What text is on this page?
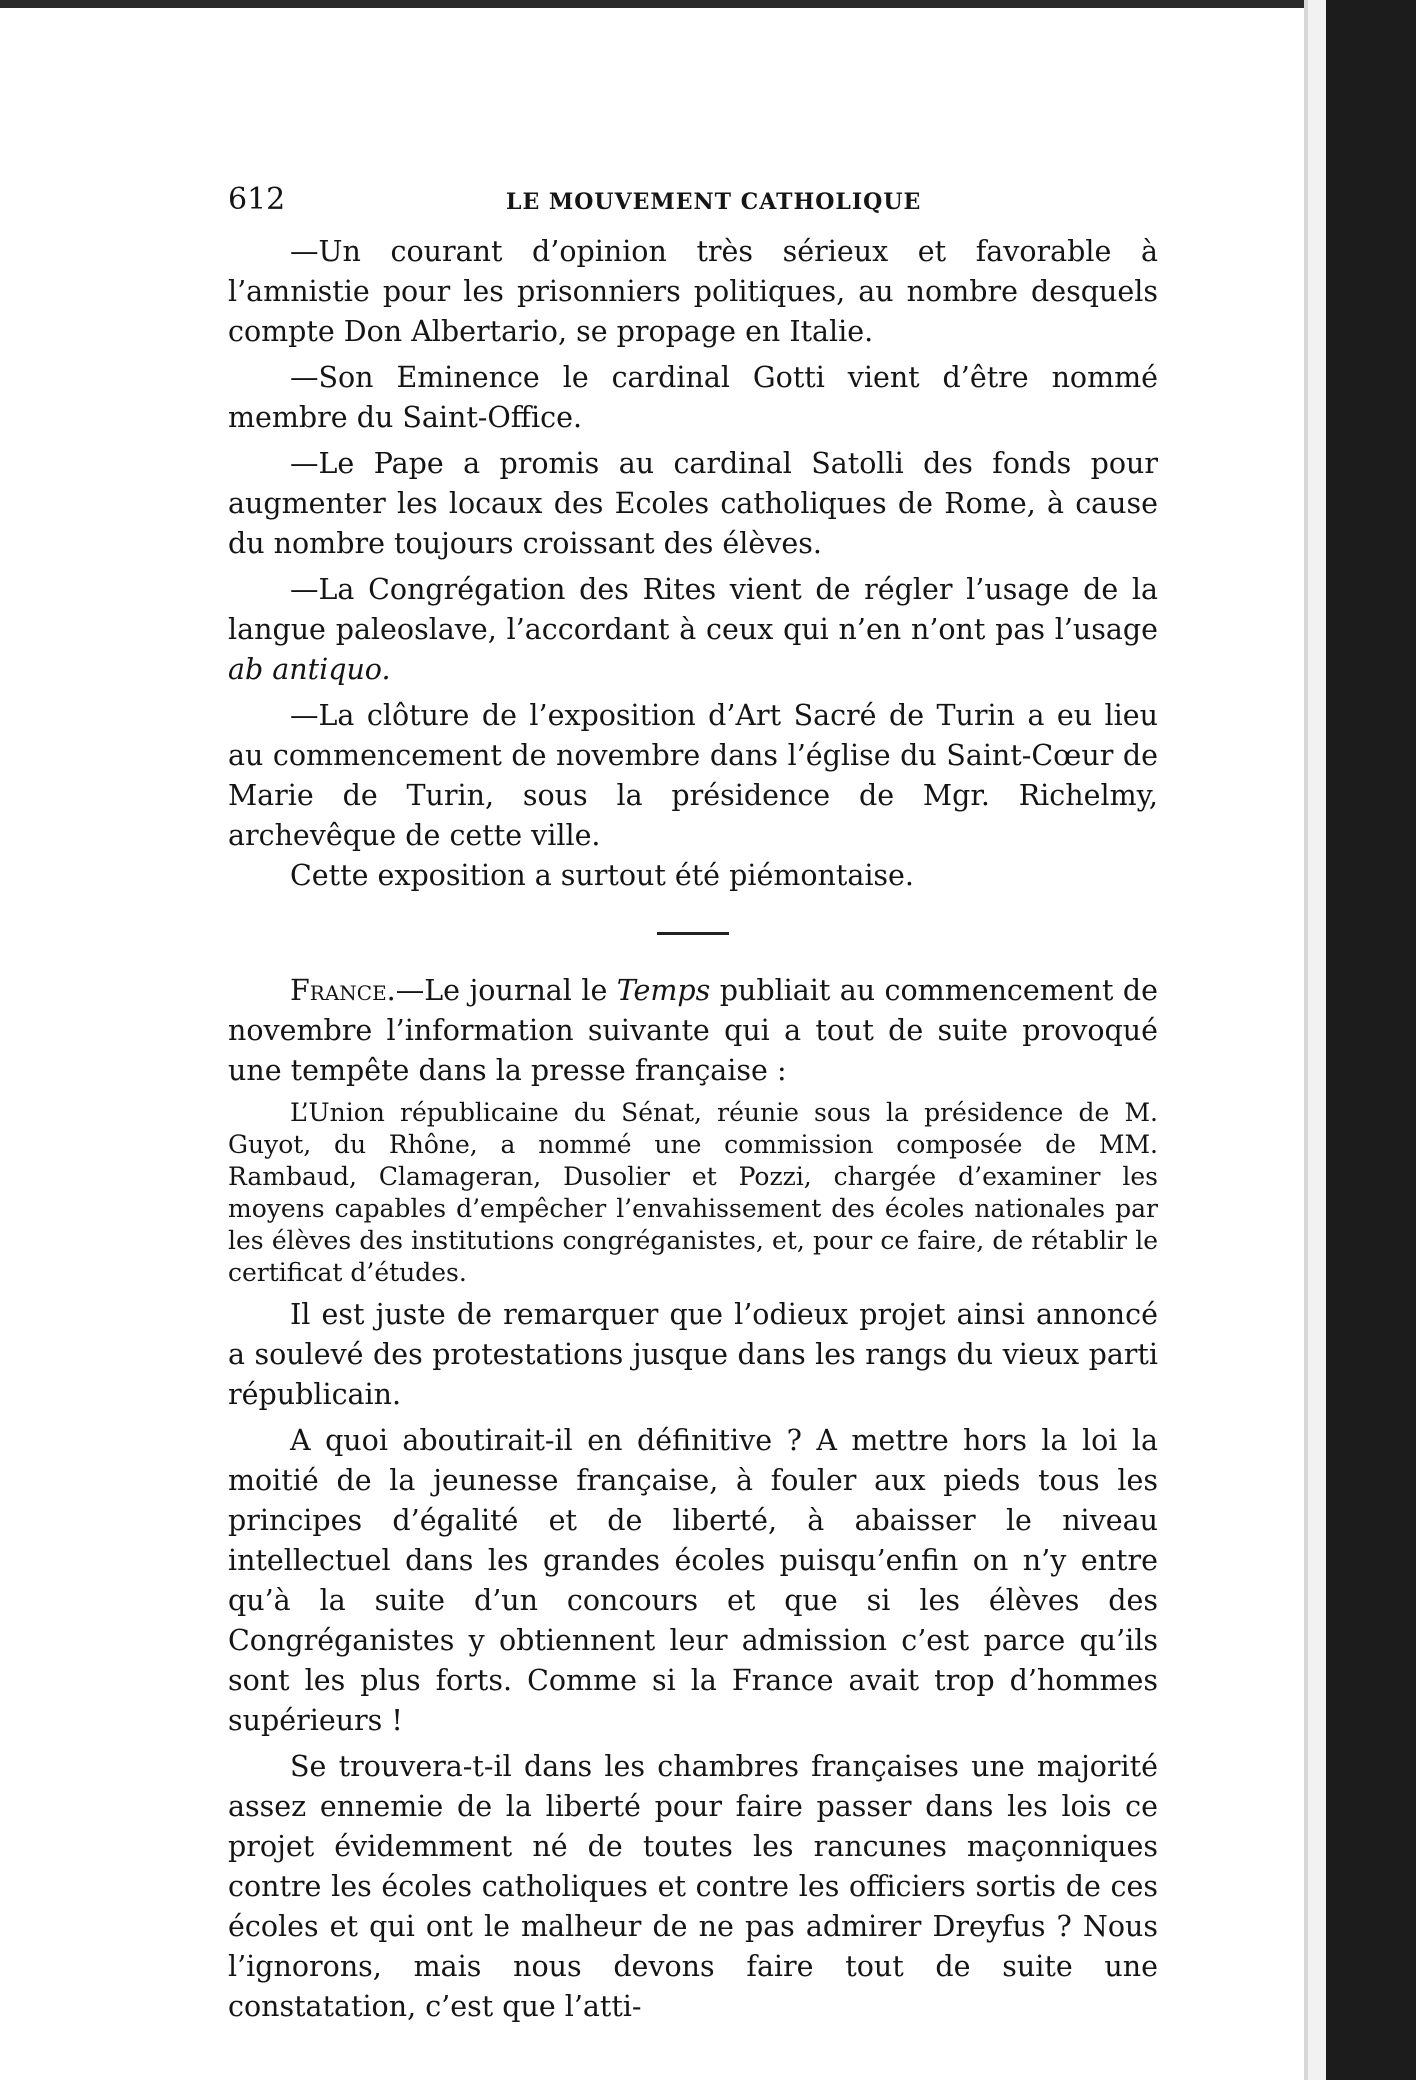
612	LE MOUVEMENT CATHOLIQUE

—Un courant d’opinion très sérieux et favorable à l’amnistie pour les prisonniers politiques, au nombre desquels compte Don Albertario, se propage en Italie.

—Son Eminence le cardinal Gotti vient d’être nommé membre du Saint-Office.

—Le Pape a promis au cardinal Satolli des fonds pour augmenter les locaux des Ecoles catholiques de Rome, à cause du nombre toujours croissant des élèves.

—La Congrégation des Rites vient de régler l’usage de la langue paleoslave, l’accordant à ceux qui n’en n’ont pas l’usage ab antiquo.

—La clôture de l’exposition d’Art Sacré de Turin a eu lieu au commencement de novembre dans l’église du Saint-Cœur de Marie de Turin, sous la présidence de Mgr. Richelmy, archevêque de cette ville.

Cette exposition a surtout été piémontaise.

France.—Le journal le Temps publiait au commencement de novembre l’information suivante qui a tout de suite provoqué une tempête dans la presse française :

L’Union républicaine du Sénat, réunie sous la présidence de M. Guyot, du Rhône, a nommé une commission composée de MM. Rambaud, Clamageran, Dusolier et Pozzi, chargée d’examiner les moyens capables d’empêcher l’envahissement des écoles nationales par les élèves des institutions congréganistes, et, pour ce faire, de rétablir le certificat d’études.

Il est juste de remarquer que l’odieux projet ainsi annoncé a soulevé des protestations jusque dans les rangs du vieux parti républicain.

A quoi aboutirait-il en définitive ? A mettre hors la loi la moitié de la jeunesse française, à fouler aux pieds tous les principes d’égalité et de liberté, à abaisser le niveau intellectuel dans les grandes écoles puisqu’enfin on n’y entre qu’à la suite d’un concours et que si les élèves des Congréganistes y obtiennent leur admission c’est parce qu’ils sont les plus forts. Comme si la France avait trop d’hommes supérieurs !

Se trouvera-t-il dans les chambres françaises une majorité assez ennemie de la liberté pour faire passer dans les lois ce projet évidemment né de toutes les rancunes maçonniques contre les écoles catholiques et contre les officiers sortis de ces écoles et qui ont le malheur de ne pas admirer Dreyfus ? Nous l’ignorons, mais nous devons faire tout de suite une constatation, c’est que l’atti-
